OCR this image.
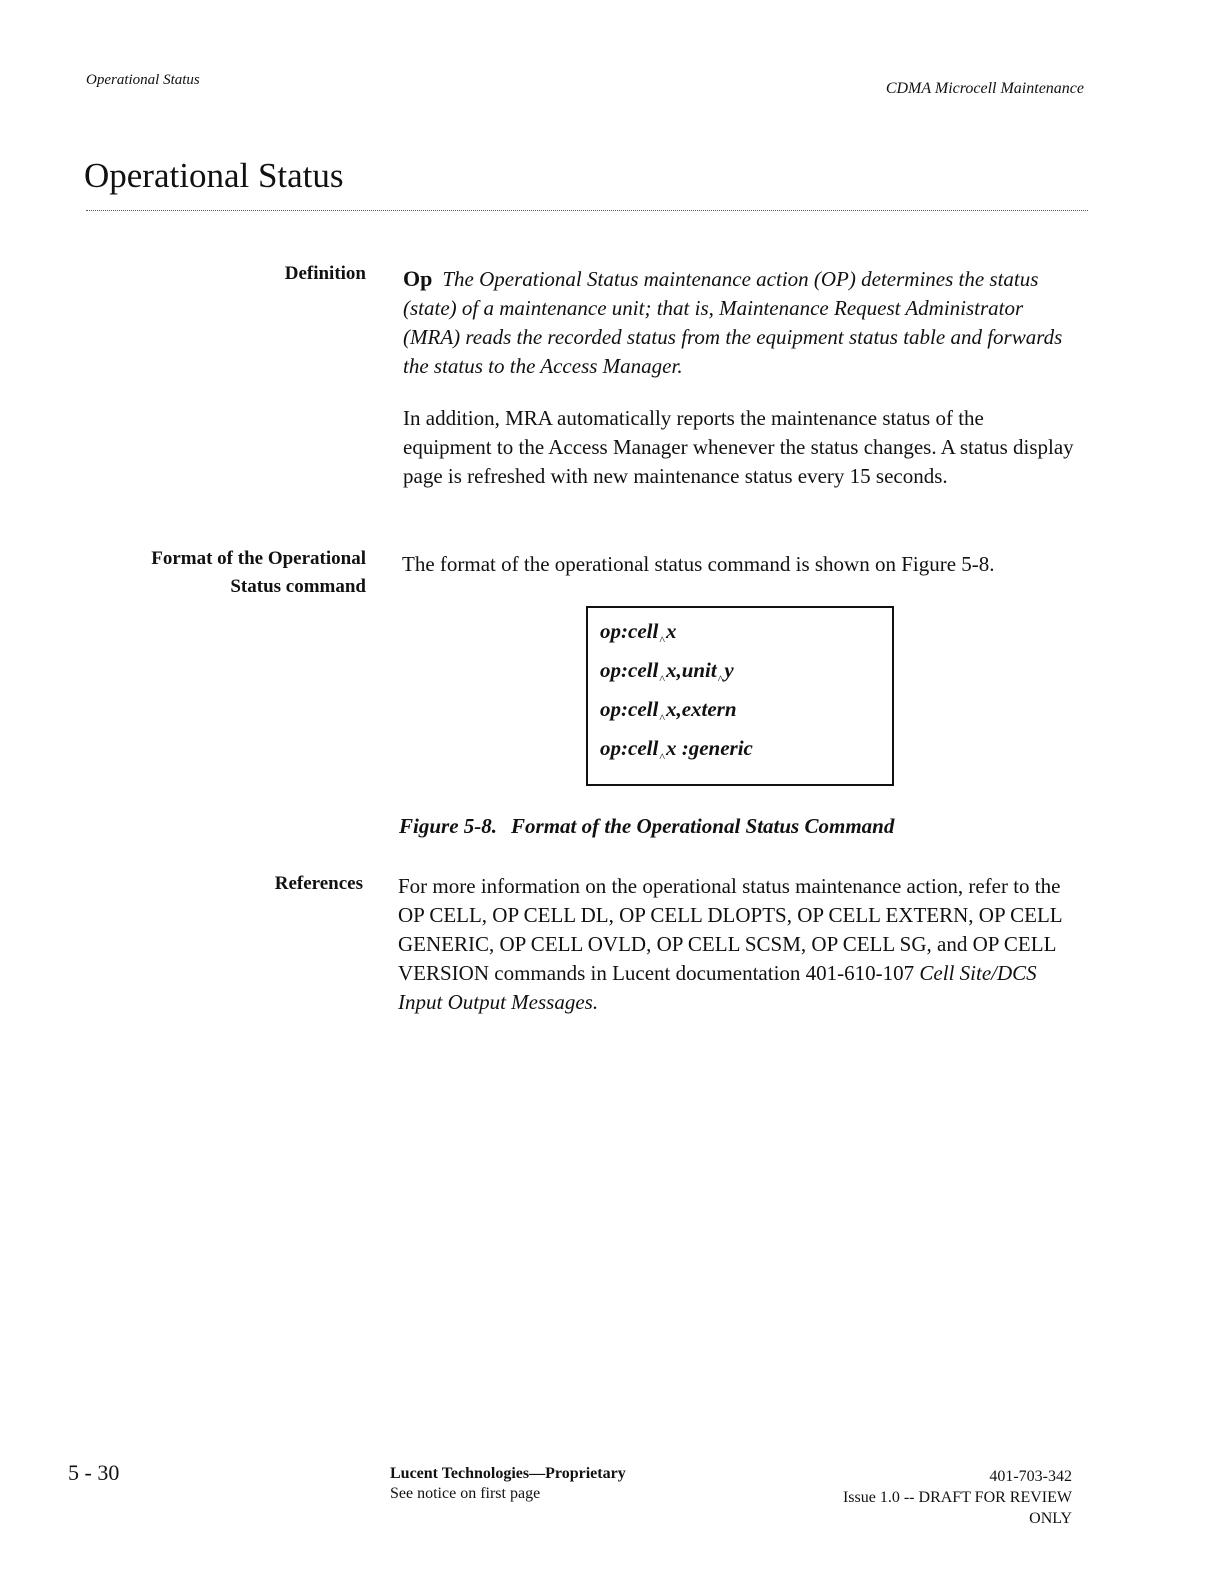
Operational Status	CDMA Microcell Maintenance
Operational Status
Definition Op The Operational Status maintenance action (OP) determines the status (state) of a maintenance unit; that is, Maintenance Request Administrator (MRA) reads the recorded status from the equipment status table and forwards the status to the Access Manager.
In addition, MRA automatically reports the maintenance status of the equipment to the Access Manager whenever the status changes. A status display page is refreshed with new maintenance status every 15 seconds.
Format of the Operational
Status command
The format of the operational status command is shown on Figure 5-8.
op:cell$_{\^{}}$x
op:cell$_{\^{}}$x,unit$_{\^{}}$y
op:cell$_{\^{}}$x,extern
op:cell$_{\^{}}$x :generic
Figure 5-8. Format of the Operational Status Command
References For more information on the operational status maintenance action, refer to the OP CELL, OP CELL DL, OP CELL DLOPTS, OP CELL EXTERN, OP CELL GENERIC, OP CELL OVLD, OP CELL SCSM, OP CELL SG, and OP CELL VERSION commands in Lucent documentation 401-610-107 Cell Site/DCS Input Output Messages.
5 - 30	Lucent Technologies—Proprietary
See notice on first page
401-703-342
Issue 1.0 -- DRAFT FOR REVIEW
ONLY
